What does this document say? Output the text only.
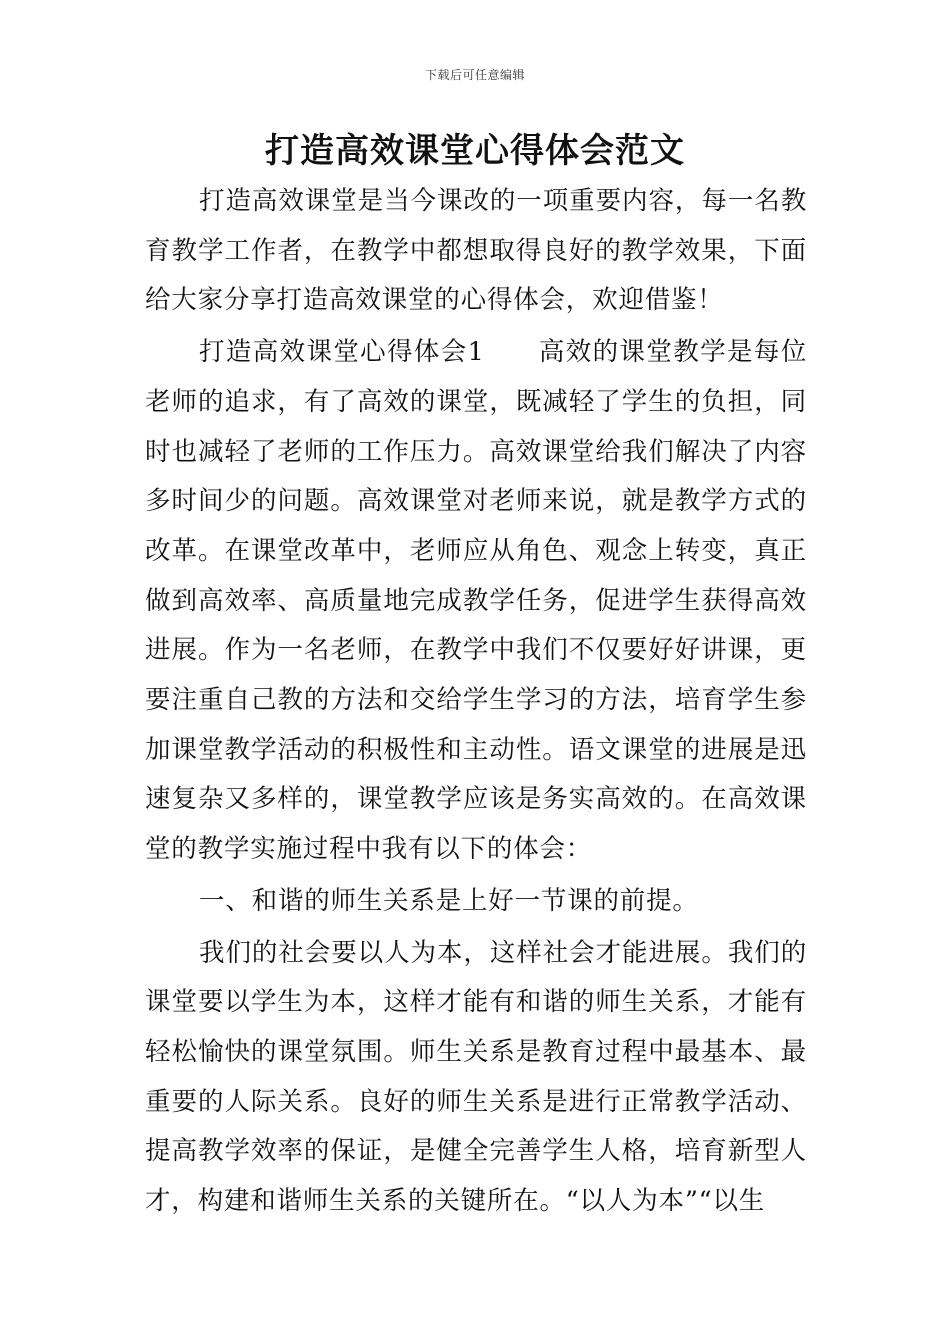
下载后可任意编辑
打造高效课堂心得体会范文

打造高效课堂是当今课改的一项重要内容，每一名教育教学工作者，在教学中都想取得良好的教学效果，下面给大家分享打造高效课堂的心得体会，欢迎借鉴！

打造高效课堂心得体会1　　高效的课堂教学是每位老师的追求，有了高效的课堂，既减轻了学生的负担，同时也减轻了老师的工作压力。高效课堂给我们解决了内容多时间少的问题。高效课堂对老师来说，就是教学方式的改革。在课堂改革中，老师应从角色、观念上转变，真正做到高效率、高质量地完成教学任务，促进学生获得高效进展。作为一名老师，在教学中我们不仅要好好讲课，更要注重自己教的方法和交给学生学习的方法，培育学生参加课堂教学活动的积极性和主动性。语文课堂的进展是迅速复杂又多样的，课堂教学应该是务实高效的。在高效课堂的教学实施过程中我有以下的体会：

一、和谐的师生关系是上好一节课的前提。

我们的社会要以人为本，这样社会才能进展。我们的课堂要以学生为本，这样才能有和谐的师生关系，才能有轻松愉快的课堂氛围。师生关系是教育过程中最基本、最重要的人际关系。良好的师生关系是进行正常教学活动、提高教学效率的保证，是健全完善学生人格，培育新型人才，构建和谐师生关系的关键所在。“以人为本”“以生
